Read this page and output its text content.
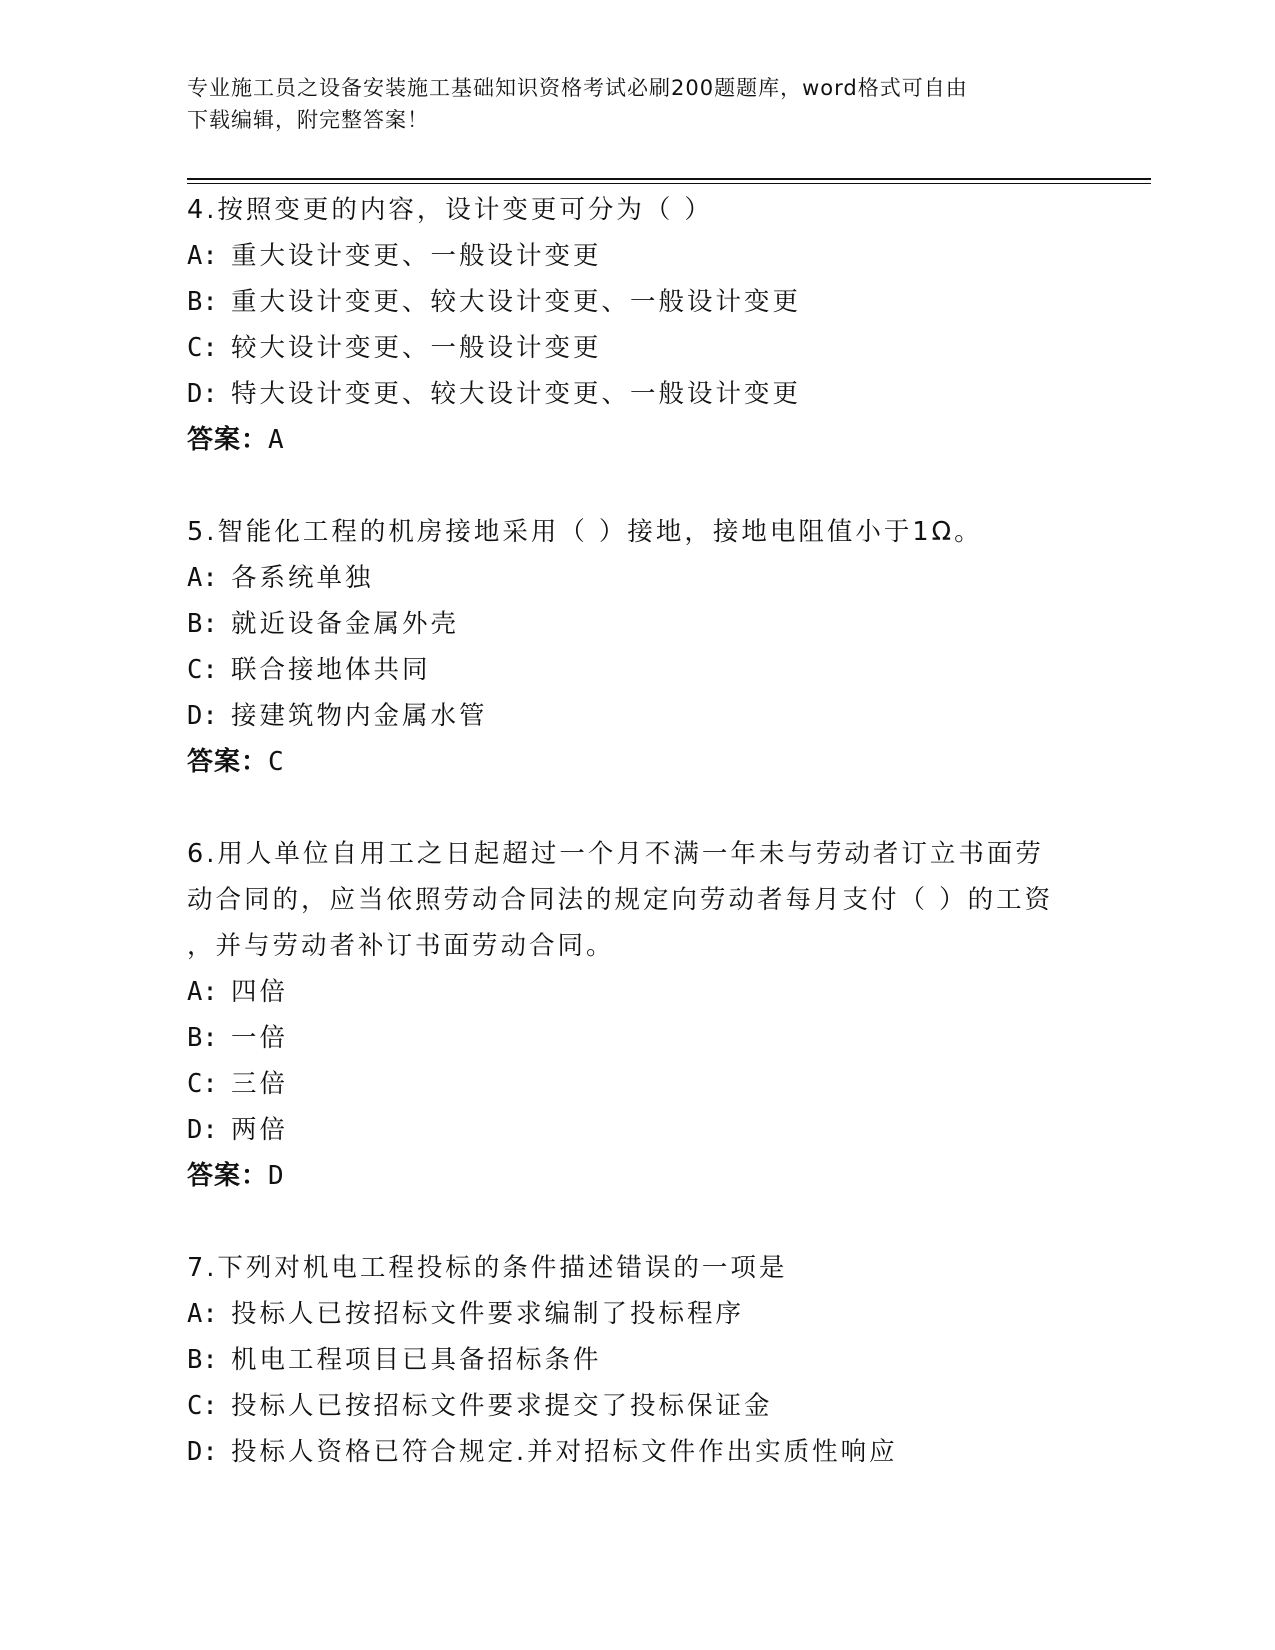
专业施工员之设备安装施工基础知识资格考试必刷200题题库，word格式可自由
下载编辑，附完整答案！
4.按照变更的内容，设计变更可分为（ ）
A: 重大设计变更、一般设计变更
B: 重大设计变更、较大设计变更、一般设计变更
C: 较大设计变更、一般设计变更
D: 特大设计变更、较大设计变更、一般设计变更
答案：A
5.智能化工程的机房接地采用（ ）接地，接地电阻值小于1Ω。
A: 各系统单独
B: 就近设备金属外壳
C: 联合接地体共同
D: 接建筑物内金属水管
答案：C
6.用人单位自用工之日起超过一个月不满一年未与劳动者订立书面劳
动合同的，应当依照劳动合同法的规定向劳动者每月支付（ ）的工资
，并与劳动者补订书面劳动合同。
A: 四倍
B: 一倍
C: 三倍
D: 两倍
答案：D
7.下列对机电工程投标的条件描述错误的一项是
A: 投标人已按招标文件要求编制了投标程序
B: 机电工程项目已具备招标条件
C: 投标人已按招标文件要求提交了投标保证金
D: 投标人资格已符合规定.并对招标文件作出实质性响应
